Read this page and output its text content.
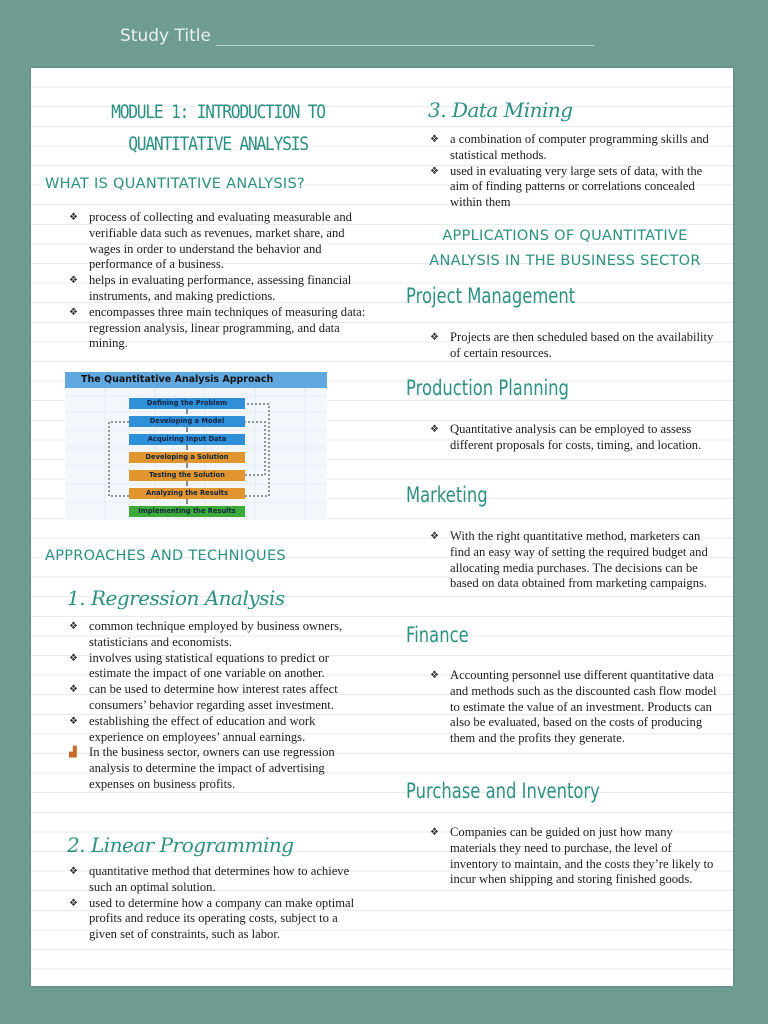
Study Title
MODULE 1: INTRODUCTION TO QUANTITATIVE ANALYSIS
WHAT IS QUANTITATIVE ANALYSIS?
❖ process of collecting and evaluating measurable and verifiable data such as revenues, market share, and wages in order to understand the behavior and performance of a business.
❖ helps in evaluating performance, assessing financial instruments, and making predictions.
❖ encompasses three main techniques of measuring data: regression analysis, linear programming, and data mining.
The Quantitative Analysis Approach
Defining the Problem
Developing a Model
Acquiring Input Data
Developing a Solution
Testing the Solution
Analyzing the Results
Implementing the Results
APPROACHES AND TECHNIQUES
1. Regression Analysis
❖ common technique employed by business owners, statisticians and economists.
❖ involves using statistical equations to predict or estimate the impact of one variable on another.
❖ can be used to determine how interest rates affect consumers’ behavior regarding asset investment.
❖ establishing the effect of education and work experience on employees’ annual earnings.
▟ In the business sector, owners can use regression analysis to determine the impact of advertising expenses on business profits.
2. Linear Programming
❖ quantitative method that determines how to achieve such an optimal solution.
❖ used to determine how a company can make optimal profits and reduce its operating costs, subject to a given set of constraints, such as labor.
3. Data Mining
❖ a combination of computer programming skills and statistical methods.
❖ used in evaluating very large sets of data, with the aim of finding patterns or correlations concealed within them
APPLICATIONS OF QUANTITATIVE ANALYSIS IN THE BUSINESS SECTOR
Project Management
❖ Projects are then scheduled based on the availability of certain resources.
Production Planning
❖ Quantitative analysis can be employed to assess different proposals for costs, timing, and location.
Marketing
❖ With the right quantitative method, marketers can find an easy way of setting the required budget and allocating media purchases. The decisions can be based on data obtained from marketing campaigns.
Finance
❖ Accounting personnel use different quantitative data and methods such as the discounted cash flow model to estimate the value of an investment. Products can also be evaluated, based on the costs of producing them and the profits they generate.
Purchase and Inventory
❖ Companies can be guided on just how many materials they need to purchase, the level of inventory to maintain, and the costs they’re likely to incur when shipping and storing finished goods.
